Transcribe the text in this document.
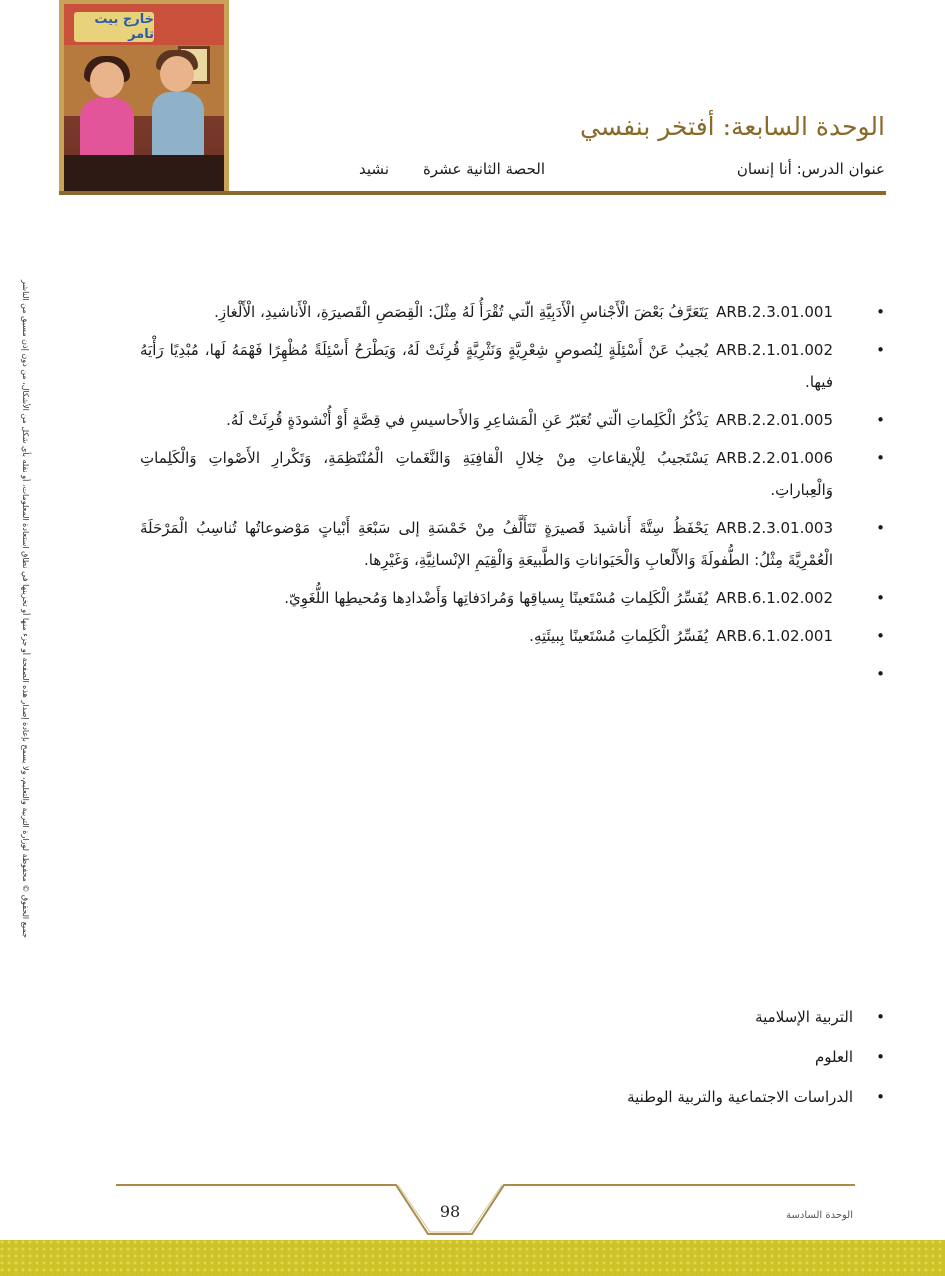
خارج بيت تامر
الوحدة السابعة: أفتخر بنفسي
عنوان الدرس: أنا إنسان
الحصة الثانية عشرة
نشيد
جميع الحقوق © محفوظة لوزارة التربية والتعليم، ولا يسمح بإعادة إصدار هذه الصفحة أو جزء منها أو تخزينها في نطاق استعادة المعلومات، أو نقله بأي شكل من الأشكال، من دون إذن مسبق من الناشر
•	ARB.2.3.01.001يَتَعَرَّفُ بَعْضَ الْأَجْناسِ الْأَدَبِيَّةِ الّتي تُقْرَأُ لَهُ مِثْلَ: الْقِصَصِ الْقَصيرَةِ، الْأَناشيدِ، الْأَلْغازِ.
• ARB.2.1.01.002يُجيبُ عَنْ أَسْئِلَةٍ لِنُصوصٍ شِعْرِيَّةٍ وَنَثْرِيَّةٍ قُرِئَتْ لَهُ، وَيَطْرَحُ أَسْئِلَةً مُظْهِرًا فَهْمَهُ لَها، مُبْدِيًا رَأْيَهُ فيها.
• ARB.2.2.01.005يَذْكُرُ الْكَلِماتِ الّتي تُعَبّرُ عَنِ الْمَشاعِرِ وَالأَحاسيسِ في قِصَّةٍ أَوْ أُنْشودَةٍ قُرِئَتْ لَهُ.
• ARB.2.2.01.006يَسْتَجيبُ لِلْإيقاعاتِ مِنْ خِلالِ الْقافِيَةِ وَالنَّغَماتِ الْمُنْتَظِمَةِ، وَتَكْرارِ الأَصْواتِ وَالْكَلِماتِ وَالْعِباراتِ.
• ARB.2.3.01.003يَحْفَظُ سِتَّةَ أَناشيدَ قَصيرَةٍ تَتَأَلَّفُ مِنْ خَمْسَةِ إلى سَبْعَةِ أَبْياتٍ مَوْضوعاتُها تُناسِبُ الْمَرْحَلَةَ الْعُمْرِيَّةَ مِثْلُ: الطُّفولَةَ وَالأَلْعابِ وَالْحَيَواناتِ وَالطَّبيعَةِ وَالْقِيَمِ الإنْسانِيَّةِ، وَغَيْرِها.
• ARB.6.1.02.002يُفَسِّرُ الْكَلِماتِ مُسْتَعينًا بِسياقِها وَمُرادَفاتِها وَأَضْدادِها وَمُحيطِها اللُّغَوِيّ.
• ARB.6.1.02.001يُفَسِّرُ الْكَلِماتِ مُسْتَعينًا بِبيئَتِهِ.
• التربية الإسلامية
• العلوم
• الدراسات الاجتماعية والتربية الوطنية
98	الوحدة السادسة
